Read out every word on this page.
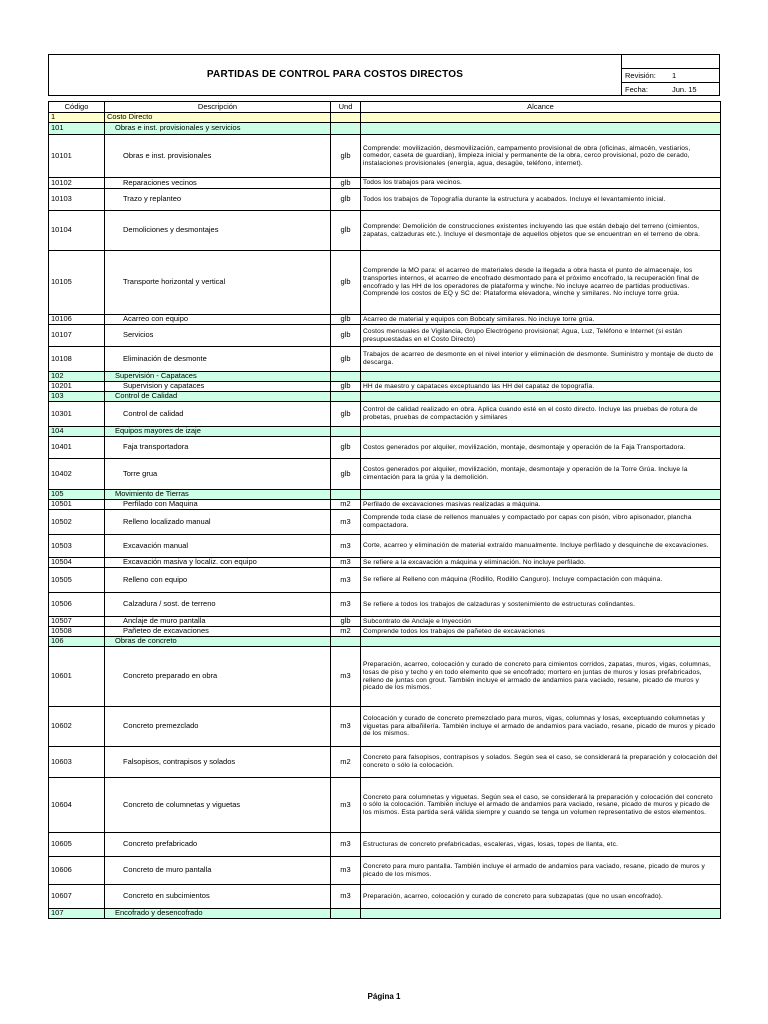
PARTIDAS DE CONTROL PARA COSTOS DIRECTOS	Revisión: 1
Fecha:	Jun. 15
Código	Descripción	Und	Alcance
1	Costo Directo		
101	Obras e inst. provisionales y servicios		
10101	Obras e inst. provisionales	glb	Comprende: movilización, desmovilización, campamento provisional de obra (oficinas, almacén, vestiarios, comedor, caseta de guardian), limpieza inicial y permanente de la obra, cerco provisional, pozo de cerado, instalaciones provisionales (energía, agua, desagüe, teléfono, internet).
10102	Reparaciones vecinos	glb	Todos los trabajos para vecinos.
10103	Trazo y replanteo	glb	Todos los trabajos de Topografía durante la estructura y acabados. Incluye el levantamiento inicial.
10104	Demoliciones y desmontajes	glb	Comprende: Demolición de construcciones existentes incluyendo las que están debajo del terreno (cimientos, zapatas, calzaduras etc.). Incluye el desmontaje de aquellos objetos que se encuentran en el terreno de obra.
10105	Transporte horizontal y vertical	glb	Comprende la MO para: el acarreo de materiales desde la llegada a obra hasta el punto de almacenaje, los transportes internos, el acarreo de encofrado desmontado para el próximo encofrado, la recuperación final de encofrado y las HH de los operadores de plataforma y winche. No incluye acarreo de partidas productivas. Comprende los costos de EQ y SC de: Plataforma elevadora, winche y similares. No incluye torre grúa.
10106	Acarreo con equipo	glb	Acarreo de material y equipos con Bobcaty similares. No incluye torre grúa.
10107	Servicios	glb	Costos mensuales de Vigilancia, Grupo Electrógeno provisional; Agua, Luz, Teléfono e Internet (si están presupuestadas en el Costo Directo)
10108	Eliminación de desmonte	glb	Trabajos de acarreo de desmonte en el nivel interior y eliminación de desmonte. Suministro y montaje de ducto de descarga.
102	Supervisión - Capataces		
10201	Supervision y capataces	glb	HH de maestro y capataces exceptuando las HH del capataz de topografía.
103	Control de Calidad		
10301	Control de calidad	glb	Control de calidad realizado en obra. Aplica cuando esté en el costo directo. Incluye las pruebas de rotura de probetas, pruebas de compactación y similares
104	Equipos mayores de izaje		
10401	Faja transportadora	glb	Costos generados por alquiler, movilización, montaje, desmontaje y operación de la Faja Transportadora.
10402	Torre grua	glb	Costos generados por alquiler, movilización, montaje, desmontaje y operación de la Torre Grúa. Incluye la cimentación para la grúa y la demolición.
105	Movimiento de Tierras		
10501	Perfilado con Maquina	m2	Perfilado de excavaciones masivas realizadas a máquina.
10502	Relleno localizado manual	m3	Comprende toda clase de rellenos manuales y compactado por capas con pisón, vibro apisonador, plancha compactadora.
10503	Excavación manual	m3	Corte, acarreo y eliminación de material extraído manualmente. Incluye perfilado y desquinche de excavaciones.
10504	Excavación masiva y localiz. con equipo	m3	Se refiere a la excavación a máquina y eliminación. No incluye perfilado.
10505	Relleno con equipo	m3	Se refiere al Relleno con máquina (Rodillo, Rodillo Canguro). Incluye compactación con máquina.
10506	Calzadura / sost. de terreno	m3	Se refiere a todos los trabajos de calzaduras y sostenimiento de estructuras colindantes.
10507	Anclaje de muro pantalla	glb	Subcontrato de Anclaje e Inyección
10508	Pañeteo de excavaciones	m2	Comprende todos los trabajos de pañeteo de excavaciones
106	Obras de concreto		
10601	Concreto preparado en obra	m3	Preparación, acarreo, colocación y curado de concreto para cimientos corridos, zapatas, muros, vigas, columnas, losas de piso y techo y en todo elemento que se encofrado; mortero en juntas de muros y losas prefabricados, relleno de juntas con grout. También incluye el armado de andamios para vaciado, resane, picado de muros y picado de los mismos.
10602	Concreto premezclado	m3	Colocación y curado de concreto premezclado para muros, vigas, columnas y losas, exceptuando columnetas y viguetas para albañilería. También incluye el armado de andamios para vaciado, resane, picado de muros y picado de los mismos.
10603	Falsopisos, contrapisos y solados	m2	Concreto para falsopisos, contrapisos y solados. Según sea el caso, se considerará la preparación y colocación del concreto o sólo la colocación.
10604	Concreto de columnetas y viguetas	m3	Concreto para columnetas y viguetas. Según sea el caso, se considerará la preparación y colocación del concreto o sólo la colocación. También incluye el armado de andamios para vaciado, resane, picado de muros y picado de los mismos. Esta partida será válida siempre y cuando se tenga un volumen representativo de estos elementos.
10605	Concreto prefabricado	m3	Estructuras de concreto prefabricadas, escaleras, vigas, losas, topes de llanta, etc.
10606	Concreto de muro pantalla	m3	Concreto para muro pantalla. También incluye el armado de andamios para vaciado, resane, picado de muros y picado de los mismos.
10607	Concreto en subcimientos	m3	Preparación, acarreo, colocación y curado de concreto para subzapatas (que no usan encofrado).
107	Encofrado y desencofrado		
Página 1
